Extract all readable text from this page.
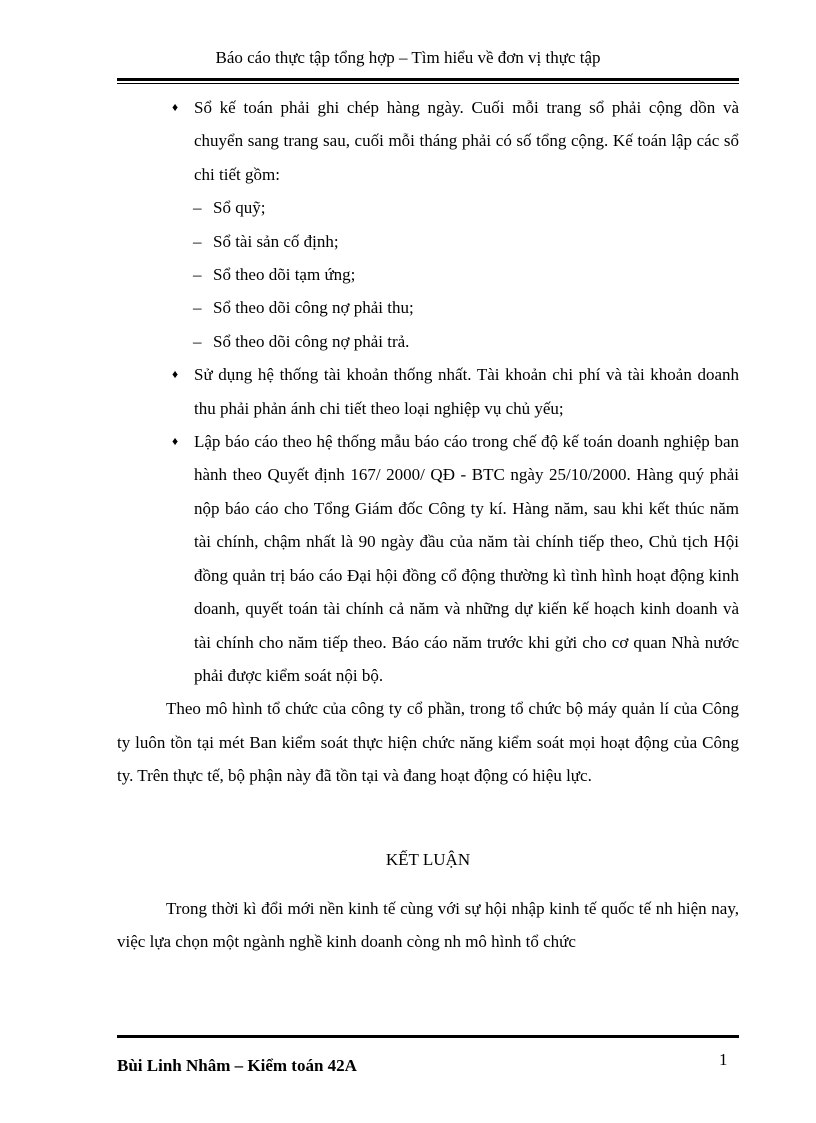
Báo cáo thực tập tổng hợp – Tìm hiểu về đơn vị thực tập
♦ Sổ kế toán phải ghi chép hàng ngày. Cuối mỗi trang sổ phải cộng dồn và chuyển sang trang sau, cuối mỗi tháng phải có số tổng cộng. Kế toán lập các sổ chi tiết gồm:
– Sổ quỹ;
– Sổ tài sản cố định;
– Sổ theo dõi tạm ứng;
– Sổ theo dõi công nợ phải thu;
– Sổ theo dõi công nợ phải trả.
♦ Sử dụng hệ thống tài khoản thống nhất. Tài khoản chi phí và tài khoản doanh thu phải phản ánh chi tiết theo loại nghiệp vụ chủ yếu;
♦ Lập báo cáo theo hệ thống mẫu báo cáo trong chế độ kế toán doanh nghiệp ban hành theo Quyết định 167/ 2000/ QĐ - BTC ngày 25/10/2000. Hàng quý phải nộp báo cáo cho Tổng Giám đốc Công ty kí. Hàng năm, sau khi kết thúc năm tài chính, chậm nhất là 90 ngày đầu của năm tài chính tiếp theo, Chủ tịch Hội đồng quản trị báo cáo Đại hội đồng cổ động thường kì tình hình hoạt động kinh doanh, quyết toán tài chính cả năm và những dự kiến kế hoạch kinh doanh và tài chính cho năm tiếp theo. Báo cáo năm trước khi gửi cho cơ quan Nhà nước phải được kiểm soát nội bộ.
Theo mô hình tổ chức của công ty cổ phần, trong tổ chức bộ máy quản lí của Công ty luôn tồn tại mét Ban kiểm soát thực hiện chức năng kiểm soát mọi hoạt động của Công ty. Trên thực tế, bộ phận này đã tồn tại và đang hoạt động có hiệu lực.
KẾT LUẬN
Trong thời kì đổi mới nền kinh tế cùng với sự hội nhập kinh tế quốc tế nh hiện nay, việc lựa chọn một ngành nghề kinh doanh còng nh mô hình tổ chức
Bùi Linh Nhâm – Kiểm toán 42A	1
